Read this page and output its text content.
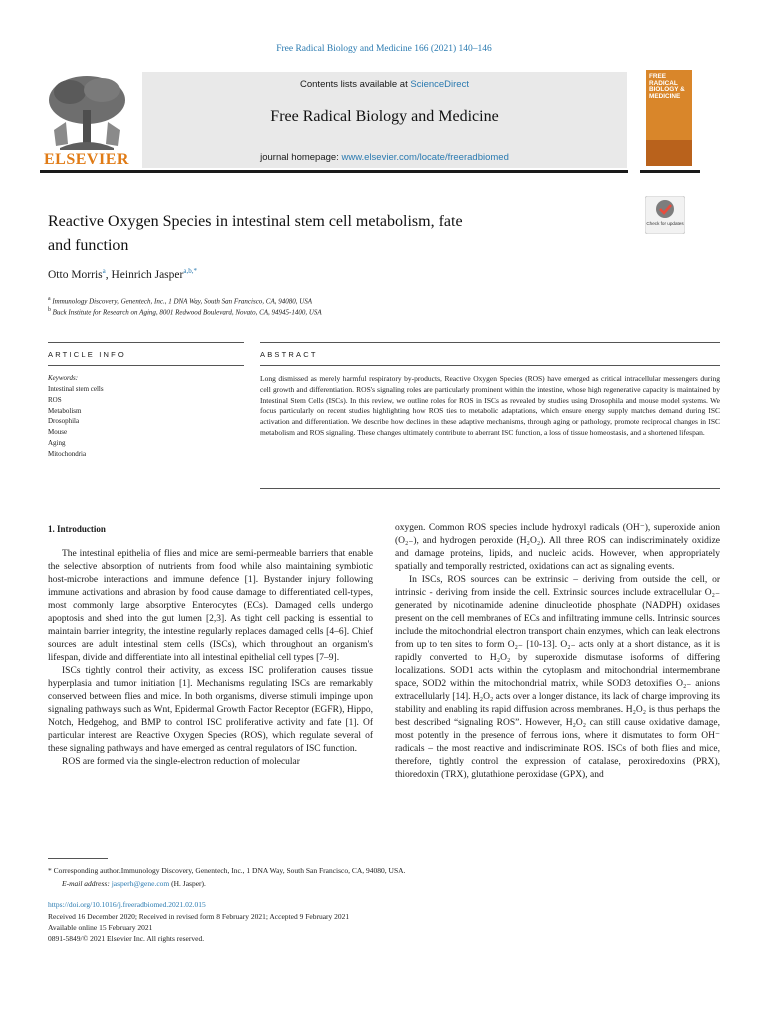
Free Radical Biology and Medicine 166 (2021) 140–146
ELSEVIER
Contents lists available at ScienceDirect
Free Radical Biology and Medicine
journal homepage: www.elsevier.com/locate/freeradbiomed
FREE RADICAL BIOLOGY & MEDICINE
Reactive Oxygen Species in intestinal stem cell metabolism, fate
and function
Check for updates
Otto Morris$^a$, Heinrich Jasper$^{a,b,*}$
$^a$ Immunology Discovery, Genentech, Inc., 1 DNA Way, South San Francisco, CA, 94080, USA
$^b$ Buck Institute for Research on Aging, 8001 Redwood Boulevard, Novato, CA, 94945-1400, USA
ARTICLE INFO	ABSTRACT
Keywords:
Intestinal stem cells
ROS
Metabolism
Drosophila
Mouse
Aging
Mitochondria
Long dismissed as merely harmful respiratory by-products, Reactive Oxygen Species (ROS) have emerged as critical intracellular messengers during cell growth and differentiation. ROS's signaling roles are particularly prominent within the intestine, whose high regenerative capacity is maintained by Intestinal Stem Cells (ISCs). In this review, we outline roles for ROS in ISCs as revealed by studies using Drosophila and mouse model systems. We focus particularly on recent studies highlighting how ROS ties to metabolic adaptations, which ensure energy supply matches demand during ISC activation and differentiation. We describe how declines in these adaptive mechanisms, through aging or pathology, promote reciprocal changes in ISC metabolism and ROS signaling. These changes ultimately contribute to aberrant ISC function, a loss of tissue homeostasis, and a shortened lifespan.
1. Introduction

The intestinal epithelia of flies and mice are semi-permeable barriers that enable the selective absorption of nutrients from food while also maintaining symbiotic host-microbe interactions and immune defence [1]. Bystander injury following immune activations and abrasion by food cause damage to differentiated cell-types, most commonly large absorptive Enterocytes (ECs). Damaged cells undergo apoptosis and shed into the gut lumen [2,3]. As tight cell packing is essential to maintain barrier integrity, the intestine regularly replaces damaged cells [4–6]. Chief sources are adult intestinal stem cells (ISCs), which throughout an organism's lifespan, divide and differentiate into all intestinal epithelial cell types [7–9].

ISCs tightly control their activity, as excess ISC proliferation causes tissue hyperplasia and tumor initiation [1]. Mechanisms regulating ISCs are remarkably conserved between flies and mice. In both organisms, diverse stimuli impinge upon signaling pathways such as Wnt, Epidermal Growth Factor Receptor (EGFR), Hippo, Notch, Hedgehog, and BMP to control ISC proliferative activity and fate [1]. Of particular interest are Reactive Oxygen Species (ROS), which regulate several of these signaling pathways and have emerged as central regulators of ISC function.

ROS are formed via the single-electron reduction of molecular

oxygen. Common ROS species include hydroxyl radicals (OH⁻), superoxide anion (O₂₋), and hydrogen peroxide (H₂O₂). All three ROS can indiscriminately oxidize and damage proteins, lipids, and nucleic acids. However, when appropriately spatially and temporally restricted, oxidations can act as signaling events.

In ISCs, ROS sources can be extrinsic – deriving from outside the cell, or intrinsic - deriving from inside the cell. Extrinsic sources include extracellular O₂₋ generated by nicotinamide adenine dinucleotide phosphate (NADPH) oxidases present on the cell membranes of ECs and infiltrating immune cells. Intrinsic sources include the mitochondrial electron transport chain enzymes, which can leak electrons from up to ten sites to form O₂₋ [10-13]. O₂₋ acts only at a short distance, as it is rapidly converted to H₂O₂ by superoxide dismutase isoforms of differing localizations. SOD1 acts within the cytoplasm and mitochondrial intermembrane space, SOD2 within the mitochondrial matrix, while SOD3 detoxifies O₂₋ anions extracellularly [14]. H₂O₂ acts over a longer distance, its lack of charge improving its stability and enabling its rapid diffusion across membranes. H₂O₂ is thus perhaps the best described “signaling ROS”. However, H₂O₂ can still cause oxidative damage, most potently in the presence of ferrous ions, where it dismutates to form OH⁻ radicals – the most reactive and indiscriminate ROS. ISCs of both flies and mice, therefore, tightly control the expression of catalase, peroxiredoxins (PRX), thioredoxin (TRX), glutathione peroxidase (GPX), and

* Corresponding author.Immunology Discovery, Genentech, Inc., 1 DNA Way, South San Francisco, CA, 94080, USA.
E-mail address: jasperh@gene.com (H. Jasper).
https://doi.org/10.1016/j.freeradbiomed.2021.02.015
Received 16 December 2020; Received in revised form 8 February 2021; Accepted 9 February 2021
Available online 15 February 2021
0891-5849/© 2021 Elsevier Inc. All rights reserved.
